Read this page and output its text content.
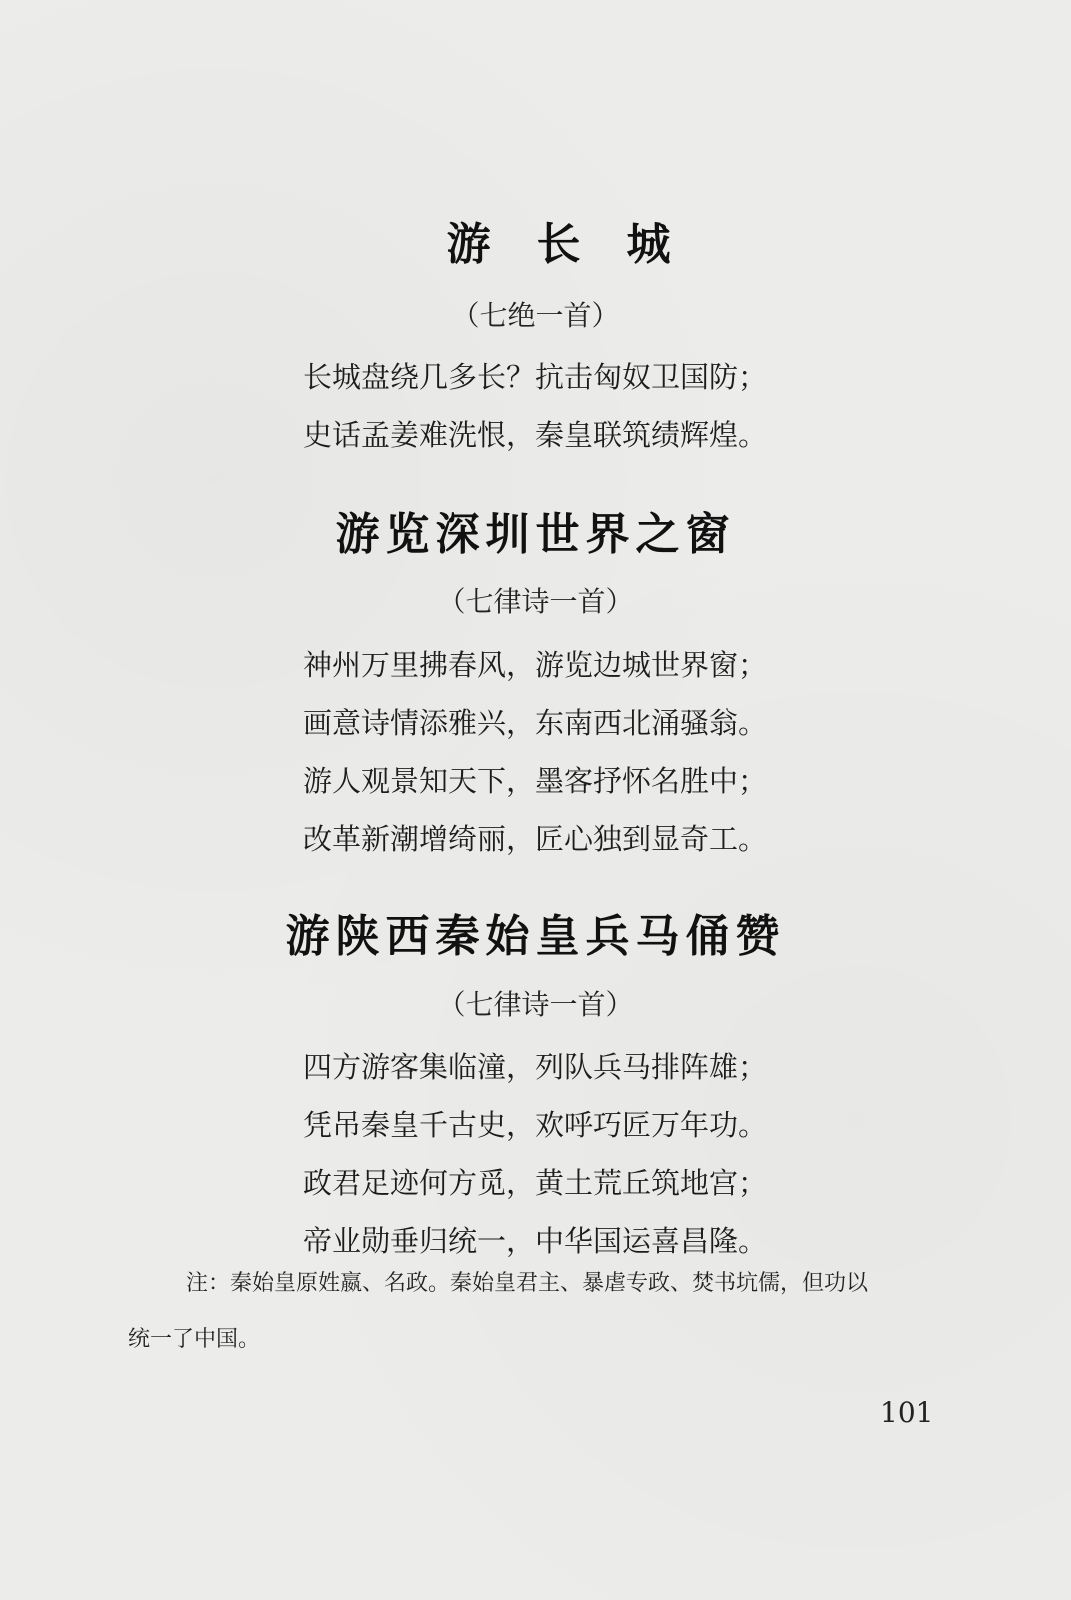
游长城
（七绝一首）
长城盘绕几多长？抗击匈奴卫国防；
史话孟姜难洗恨，秦皇联筑绩辉煌。
游览深圳世界之窗
（七律诗一首）
神州万里拂春风，游览边城世界窗；
画意诗情添雅兴，东南西北涌骚翁。
游人观景知天下，墨客抒怀名胜中；
改革新潮增绮丽，匠心独到显奇工。
游陕西秦始皇兵马俑赞
（七律诗一首）
四方游客集临潼，列队兵马排阵雄；
凭吊秦皇千古史，欢呼巧匠万年功。
政君足迹何方觅，黄土荒丘筑地宫；
帝业勋垂归统一，中华国运喜昌隆。
注：秦始皇原姓嬴、名政。秦始皇君主、暴虐专政、焚书坑儒，但功以
统一了中国。
101
